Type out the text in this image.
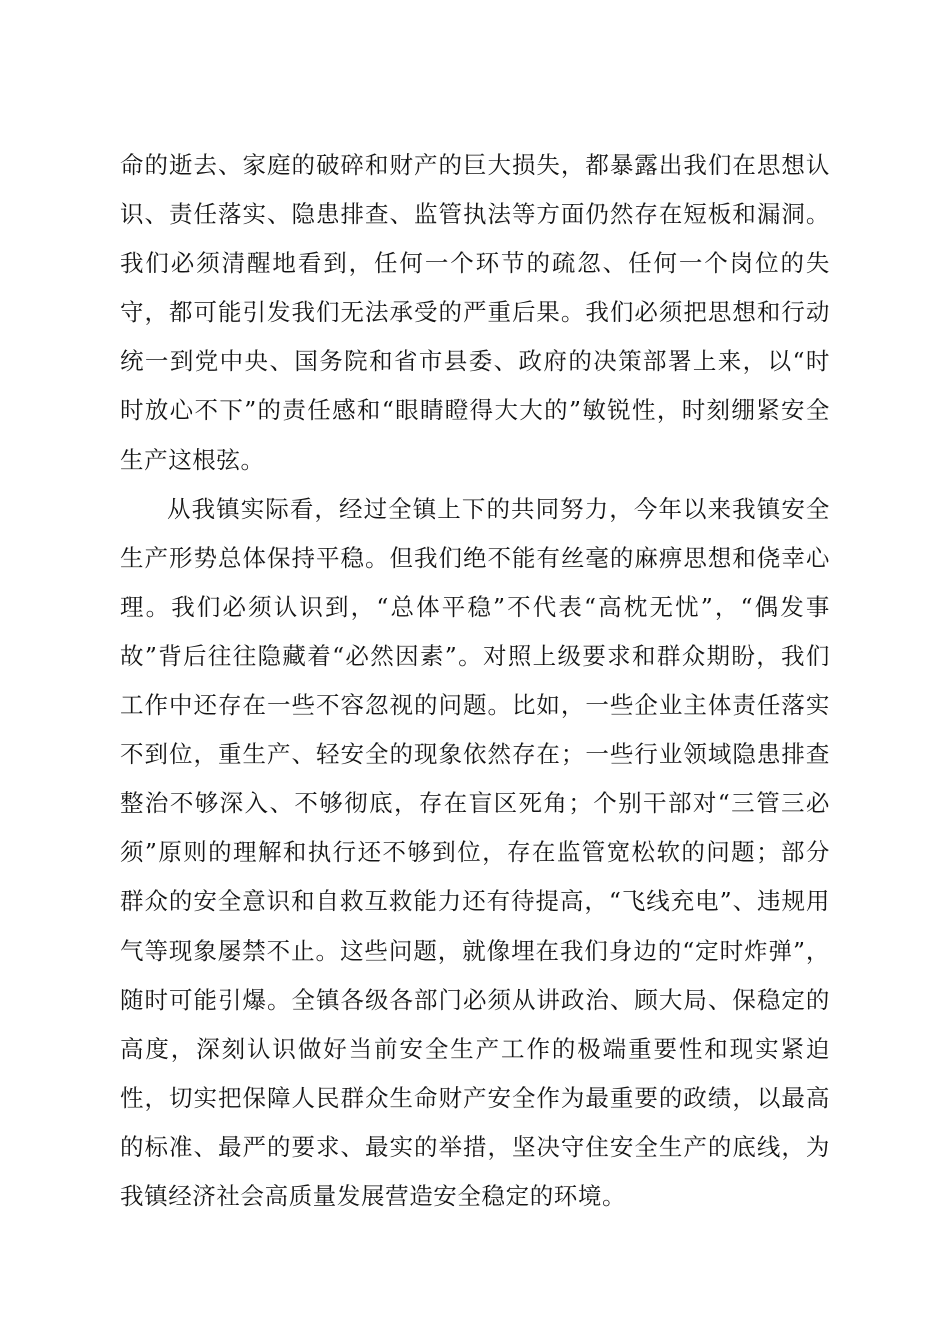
命的逝去、家庭的破碎和财产的巨大损失，都暴露出我们在思想认识、责任落实、隐患排查、监管执法等方面仍然存在短板和漏洞。我们必须清醒地看到，任何一个环节的疏忽、任何一个岗位的失守，都可能引发我们无法承受的严重后果。我们必须把思想和行动统一到党中央、国务院和省市县委、政府的决策部署上来，以“时时放心不下”的责任感和“眼睛瞪得大大的”敏锐性，时刻绷紧安全生产这根弦。

从我镇实际看，经过全镇上下的共同努力，今年以来我镇安全生产形势总体保持平稳。但我们绝不能有丝毫的麻痹思想和侥幸心理。我们必须认识到，“总体平稳”不代表“高枕无忧”，“偶发事故”背后往往隐藏着“必然因素”。对照上级要求和群众期盼，我们工作中还存在一些不容忽视的问题。比如，一些企业主体责任落实不到位，重生产、轻安全的现象依然存在；一些行业领域隐患排查整治不够深入、不够彻底，存在盲区死角；个别干部对“三管三必须”原则的理解和执行还不够到位，存在监管宽松软的问题；部分群众的安全意识和自救互救能力还有待提高，“飞线充电”、违规用气等现象屡禁不止。这些问题，就像埋在我们身边的“定时炸弹”，随时可能引爆。全镇各级各部门必须从讲政治、顾大局、保稳定的高度，深刻认识做好当前安全生产工作的极端重要性和现实紧迫性，切实把保障人民群众生命财产安全作为最重要的政绩，以最高的标准、最严的要求、最实的举措，坚决守住安全生产的底线，为我镇经济社会高质量发展营造安全稳定的环境。
